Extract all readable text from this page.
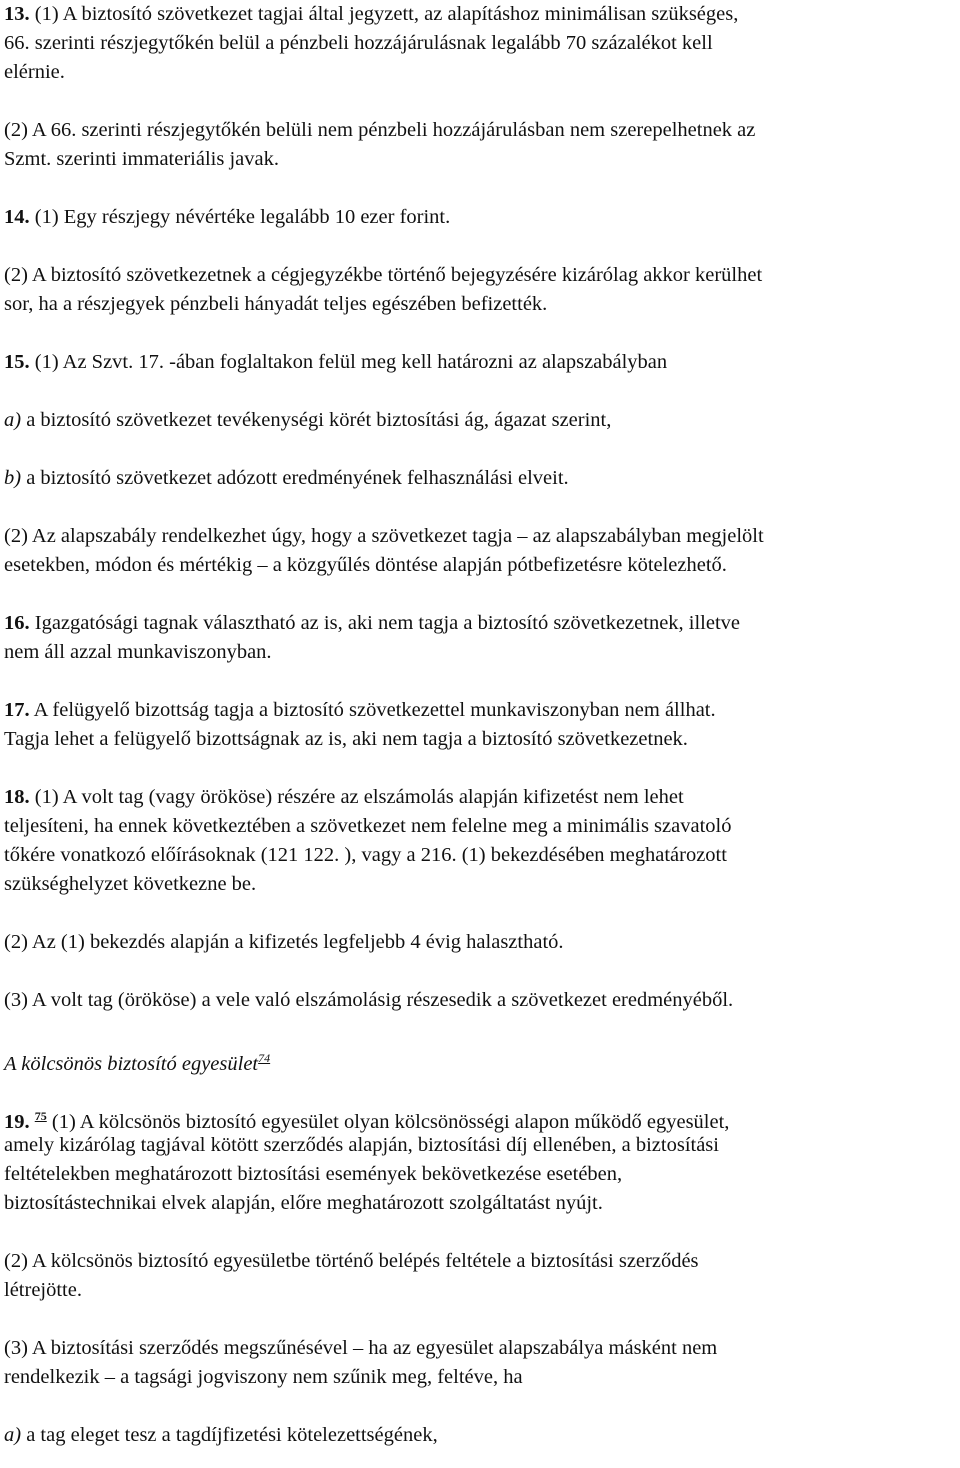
13. (1) A biztosító szövetkezet tagjai által jegyzett, az alapításhoz minimálisan szükséges,
66. szerinti részjegytőkén belül a pénzbeli hozzájárulásnak legalább 70 százalékot kell
elérnie.
(2) A 66. szerinti részjegytőkén belüli nem pénzbeli hozzájárulásban nem szerepelhetnek az
Szmt. szerinti immateriális javak.
14. (1) Egy részjegy névértéke legalább 10 ezer forint.
(2) A biztosító szövetkezetnek a cégjegyzékbe történő bejegyzésére kizárólag akkor kerülhet
sor, ha a részjegyek pénzbeli hányadát teljes egészében befizették.
15. (1) Az Szvt. 17. -ában foglaltakon felül meg kell határozni az alapszabályban
a) a biztosító szövetkezet tevékenységi körét biztosítási ág, ágazat szerint,
b) a biztosító szövetkezet adózott eredményének felhasználási elveit.
(2) Az alapszabály rendelkezhet úgy, hogy a szövetkezet tagja – az alapszabályban megjelölt
esetekben, módon és mértékig – a közgyűlés döntése alapján pótbefizetésre kötelezhető.
16. Igazgatósági tagnak választható az is, aki nem tagja a biztosító szövetkezetnek, illetve
nem áll azzal munkaviszonyban.
17. A felügyelő bizottság tagja a biztosító szövetkezettel munkaviszonyban nem állhat.
Tagja lehet a felügyelő bizottságnak az is, aki nem tagja a biztosító szövetkezetnek.
18. (1) A volt tag (vagy örököse) részére az elszámolás alapján kifizetést nem lehet
teljesíteni, ha ennek következtében a szövetkezet nem felelne meg a minimális szavatoló
tőkére vonatkozó előírásoknak (121 122. ), vagy a 216. (1) bekezdésében meghatározott
szükséghelyzet következne be.
(2) Az (1) bekezdés alapján a kifizetés legfeljebb 4 évig halasztható.
(3) A volt tag (örököse) a vele való elszámolásig részesedik a szövetkezet eredményéből.
A kölcsönös biztosító egyesület$^{74}$
19. $^{75}$ (1) A kölcsönös biztosító egyesület olyan kölcsönösségi alapon működő egyesület,
amely kizárólag tagjával kötött szerződés alapján, biztosítási díj ellenében, a biztosítási
feltételekben meghatározott biztosítási események bekövetkezése esetében,
biztosítástechnikai elvek alapján, előre meghatározott szolgáltatást nyújt.
(2) A kölcsönös biztosító egyesületbe történő belépés feltétele a biztosítási szerződés
létrejötte.
(3) A biztosítási szerződés megszűnésével – ha az egyesület alapszabálya másként nem
rendelkezik – a tagsági jogviszony nem szűnik meg, feltéve, ha
a) a tag eleget tesz a tagdíjfizetési kötelezettségének,
